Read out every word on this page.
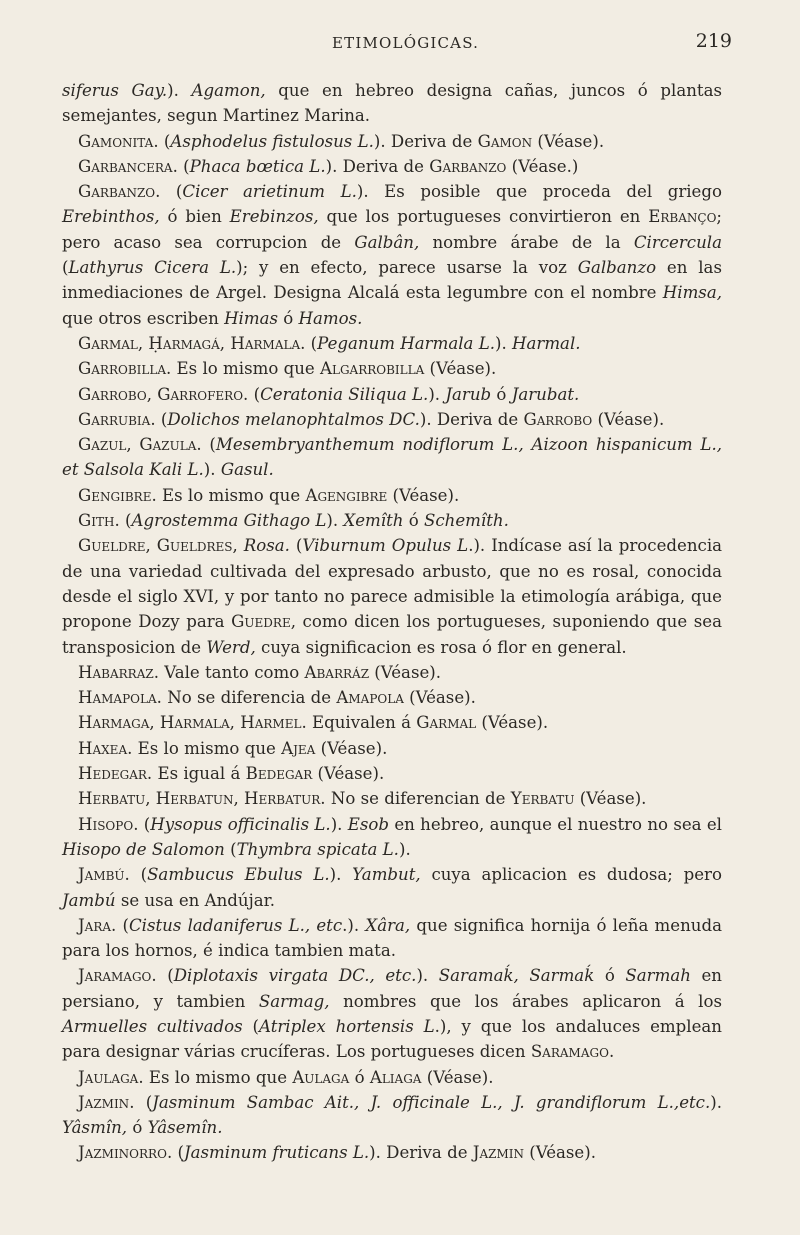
ETIMOLÓGICAS.	219

siferus Gay.). Agamon, que en hebreo designa cañas, juncos ó plantas semejantes, segun Martinez Marina.

Gamonita. (Asphodelus fistulosus L.). Deriva de Gamon (Véase).

Garbancera. (Phaca bœtica L.). Deriva de Garbanzo (Véase.)

Garbanzo. (Cicer arietinum L.). Es posible que proceda del griego Erebinthos, ó bien Erebinzos, que los portugueses convirtieron en Erbanço; pero acaso sea corrupcion de Galbân, nombre árabe de la Circercula (Lathyrus Cicera L.); y en efecto, parece usarse la voz Galbanzo en las inmediaciones de Argel. Designa Alcalá esta legumbre con el nombre Himsa, que otros escriben Himas ó Hamos.

Garmal, Ḥarmagá, Harmala. (Peganum Harmala L.). Harmal.

Garrobilla. Es lo mismo que Algarrobilla (Véase).

Garrobo, Garrofero. (Ceratonia Siliqua L.). Jarub ó Jarubat.

Garrubia. (Dolichos melanophtalmos DC.). Deriva de Garrobo (Véase).

Gazul, Gazula. (Mesembryanthemum nodiflorum L., Aizoon hispanicum L., et Salsola Kali L.). Gasul.

Gengibre. Es lo mismo que Agengibre (Véase).

Gith. (Agrostemma Githago L). Xemîth ó Schemîth.

Gueldre, Gueldres, Rosa. (Viburnum Opulus L.). Indícase así la procedencia de una variedad cultivada del expresado arbusto, que no es rosal, conocida desde el siglo XVI, y por tanto no parece admisible la etimología arábiga, que propone Dozy para Guedre, como dicen los portugueses, suponiendo que sea transposicion de Werd, cuya significacion es rosa ó flor en general.

Habarraz. Vale tanto como Abarráz (Véase).

Hamapola. No se diferencia de Amapola (Véase).

Harmaga, Harmala, Harmel. Equivalen á Garmal (Véase).

Haxea. Es lo mismo que Ajea (Véase).

Hedegar. Es igual á Bedegar (Véase).

Herbatu, Herbatun, Herbatur. No se diferencian de Yerbatu (Véase).

Hisopo. (Hysopus officinalis L.). Esob en hebreo, aunque el nuestro no sea el Hisopo de Salomon (Thymbra spicata L.).

Jambú. (Sambucus Ebulus L.). Yambut, cuya aplicacion es dudosa; pero Jambú se usa en Andújar.

Jara. (Cistus ladaniferus L., etc.). Xâra, que significa hornija ó leña menuda para los hornos, é indica tambien mata.

Jaramago. (Diplotaxis virgata DC., etc.). Saramaḱ, Sarmaḱ ó Sarmah en persiano, y tambien Sarmag, nombres que los árabes aplicaron á los Armuelles cultivados (Atriplex hortensis L.), y que los andaluces emplean para designar várias crucíferas. Los portugueses dicen Saramago.

Jaulaga. Es lo mismo que Aulaga ó Aliaga (Véase).

Jazmin. (Jasminum Sambac Ait., J. officinale L., J. grandiflorum L.,etc.). Yâsmîn, ó Yâsemîn.

Jazminorro. (Jasminum fruticans L.). Deriva de Jazmin (Véase).
